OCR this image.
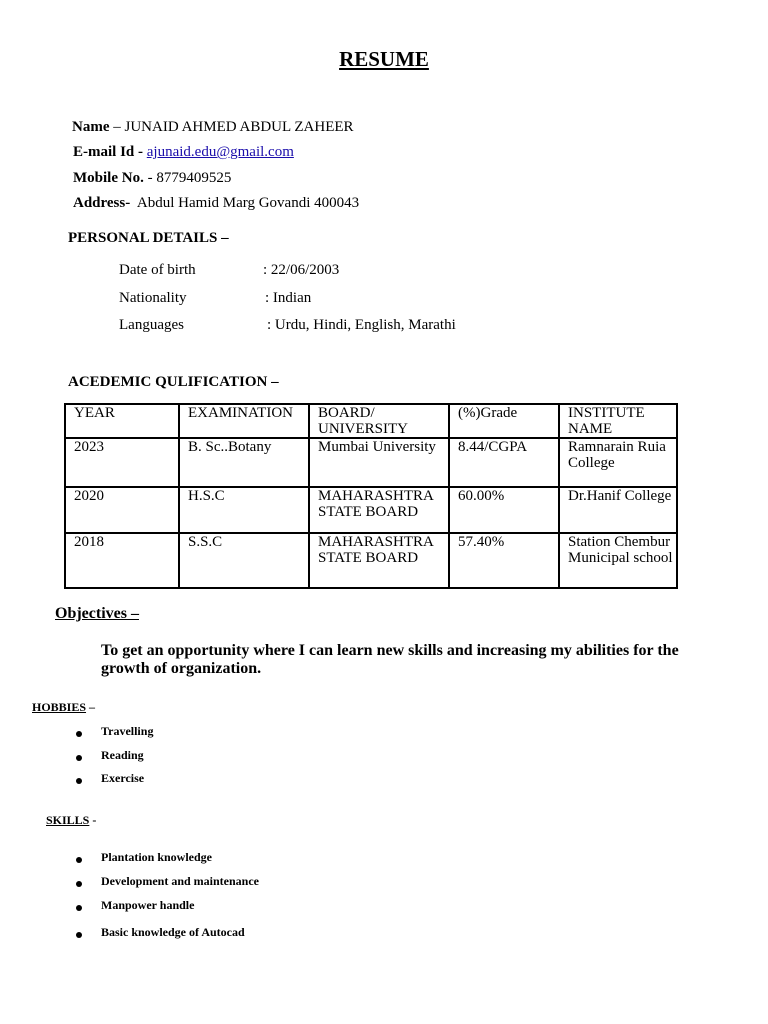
RESUME
Name – JUNAID AHMED ABDUL ZAHEER
E-mail Id - ajunaid.edu@gmail.com
Mobile No. - 8779409525
Address- Abdul Hamid Marg Govandi 400043
PERSONAL DETAILS –
Date of birth	: 22/06/2003
Nationality	: Indian
Languages	: Urdu, Hindi, English, Marathi
ACEDEMIC QULIFICATION –
YEAR	EXAMINATION	BOARD/ UNIVERSITY	(%)Grade	INSTITUTE NAME
2023	B. Sc..Botany	Mumbai University	8.44/CGPA	Ramnarain Ruia College
2020	H.S.C	MAHARASHTRA STATE BOARD	60.00%	Dr.Hanif College
2018	S.S.C	MAHARASHTRA STATE BOARD	57.40%	Station Chembur Municipal school
Objectives –
To get an opportunity where I can learn new skills and increasing my abilities for the growth of organization.
HOBBIES –
Travelling
Reading
Exercise
SKILLS -
Plantation knowledge
Development and maintenance
Manpower handle
Basic knowledge of Autocad
